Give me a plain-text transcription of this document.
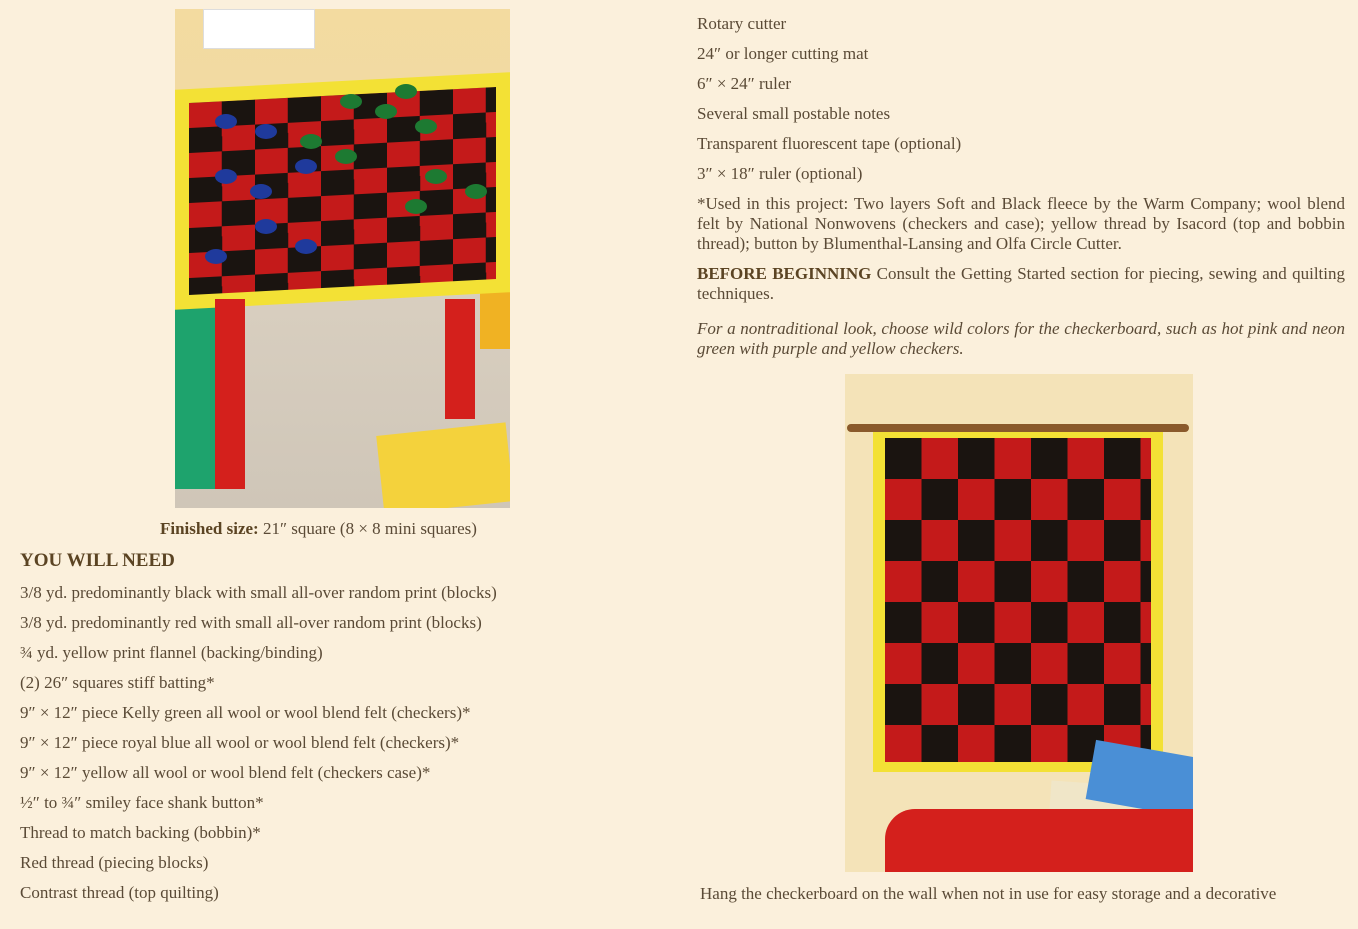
Finished size: 21″ square (8 × 8 mini squares)
YOU WILL NEED
3/8 yd. predominantly black with small all-over random print (blocks)
3/8 yd. predominantly red with small all-over random print (blocks)
¾ yd. yellow print flannel (backing/binding)
(2) 26″ squares stiff batting*
9″ × 12″ piece Kelly green all wool or wool blend felt (checkers)*
9″ × 12″ piece royal blue all wool or wool blend felt (checkers)*
9″ × 12″ yellow all wool or wool blend felt (checkers case)*
½″ to ¾″ smiley face shank button*
Thread to match backing (bobbin)*
Red thread (piecing blocks)
Contrast thread (top quilting)
Rotary cutter
24″ or longer cutting mat
6″ × 24″ ruler
Several small postable notes
Transparent fluorescent tape (optional)
3″ × 18″ ruler (optional)
*Used in this project: Two layers Soft and Black fleece by the Warm Company; wool blend felt by National Nonwovens (checkers and case); yellow thread by Isacord (top and bobbin thread); button by Blumenthal-Lansing and Olfa Circle Cutter.
BEFORE BEGINNING Consult the Getting Started section for piecing, sewing and quilting techniques.
For a nontraditional look, choose wild colors for the checkerboard, such as hot pink and neon green with purple and yellow checkers.
Hang the checkerboard on the wall when not in use for easy storage and a decorative
